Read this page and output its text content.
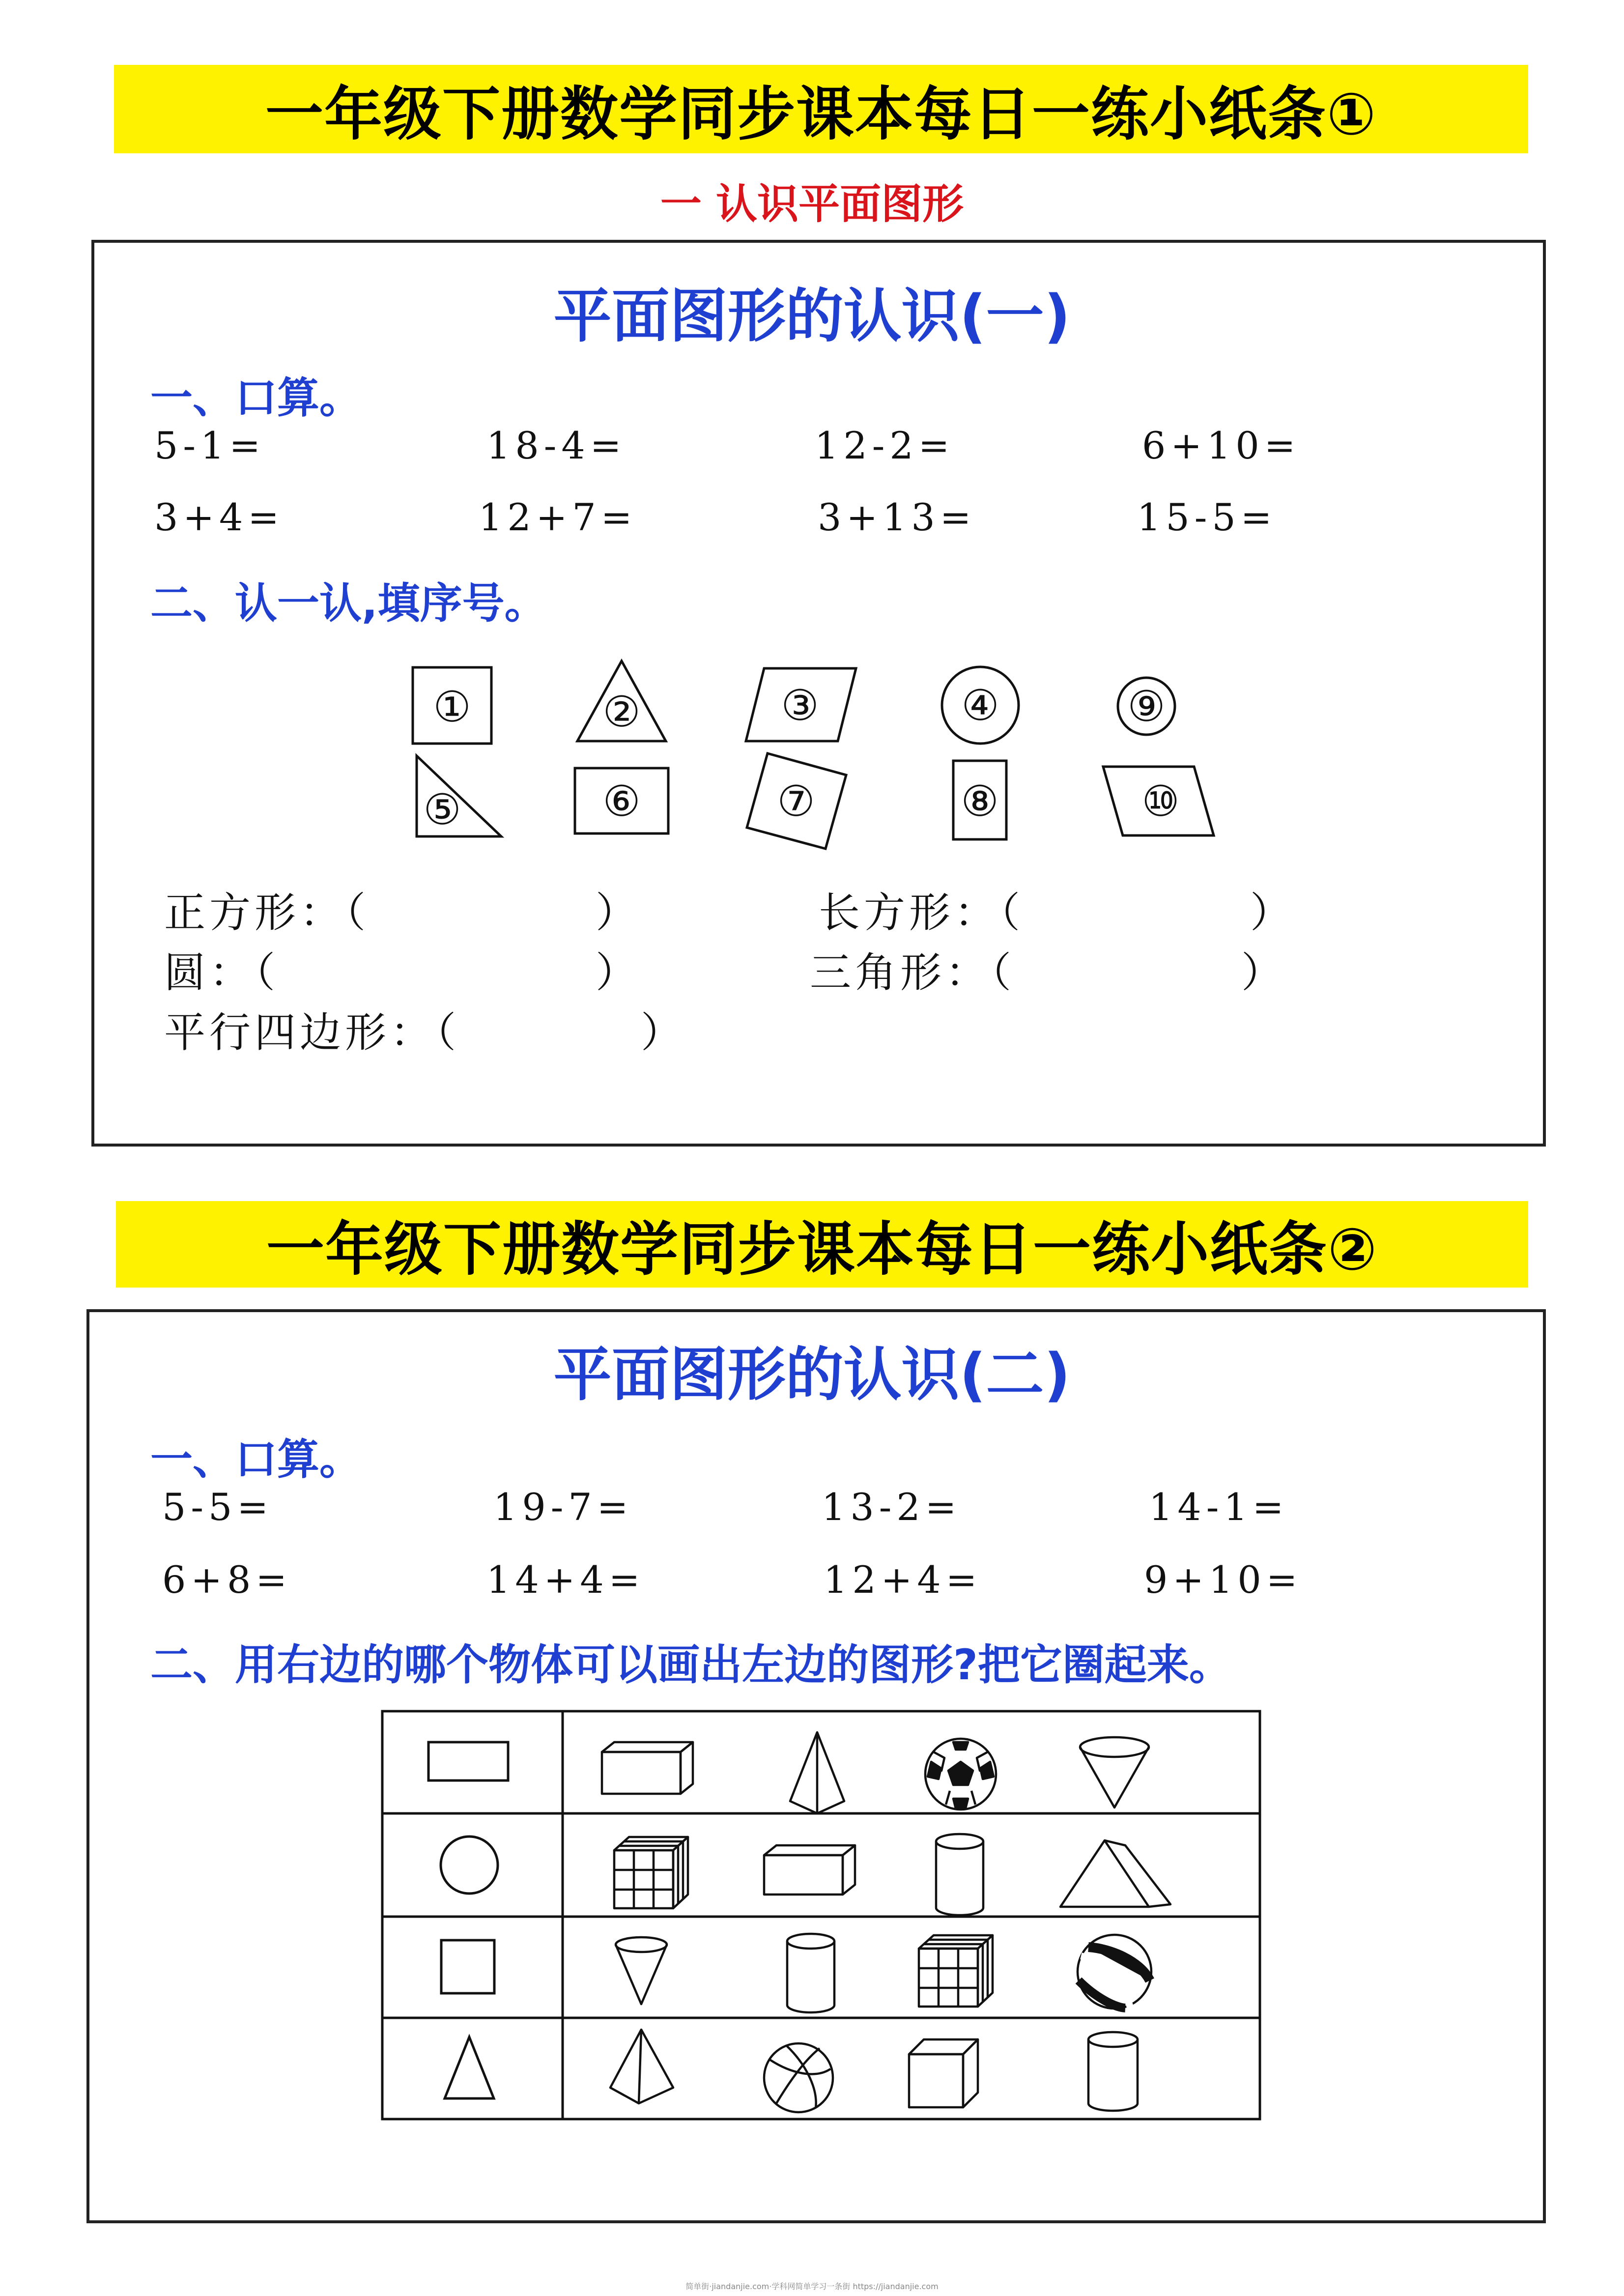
一年级下册数学同步课本每日一练小纸条①
一 认识平面图形
平面图形的认识(一)
一、口算。
5-1=	18-4=	12-2=	6+10=
3+4=	12+7=	3+13=	15-5=
二、认一认,填序号。
①	②	③	④	⑨
⑤	⑥	⑦	⑧	⑩
正方形：（　　　　　）	长方形：（　　　　　）
圆：（　　　　　　　）	三角形：（　　　　　）
平行四边形：（　　　　）
一年级下册数学同步课本每日一练小纸条②
平面图形的认识(二)
一、口算。
5-5=	19-7=	13-2=	14-1=
6+8=	14+4=	12+4=	9+10=
二、用右边的哪个物体可以画出左边的图形?把它圈起来。
简单街·jiandanjie.com·学科网简单学习一条街 https://jiandanjie.com
